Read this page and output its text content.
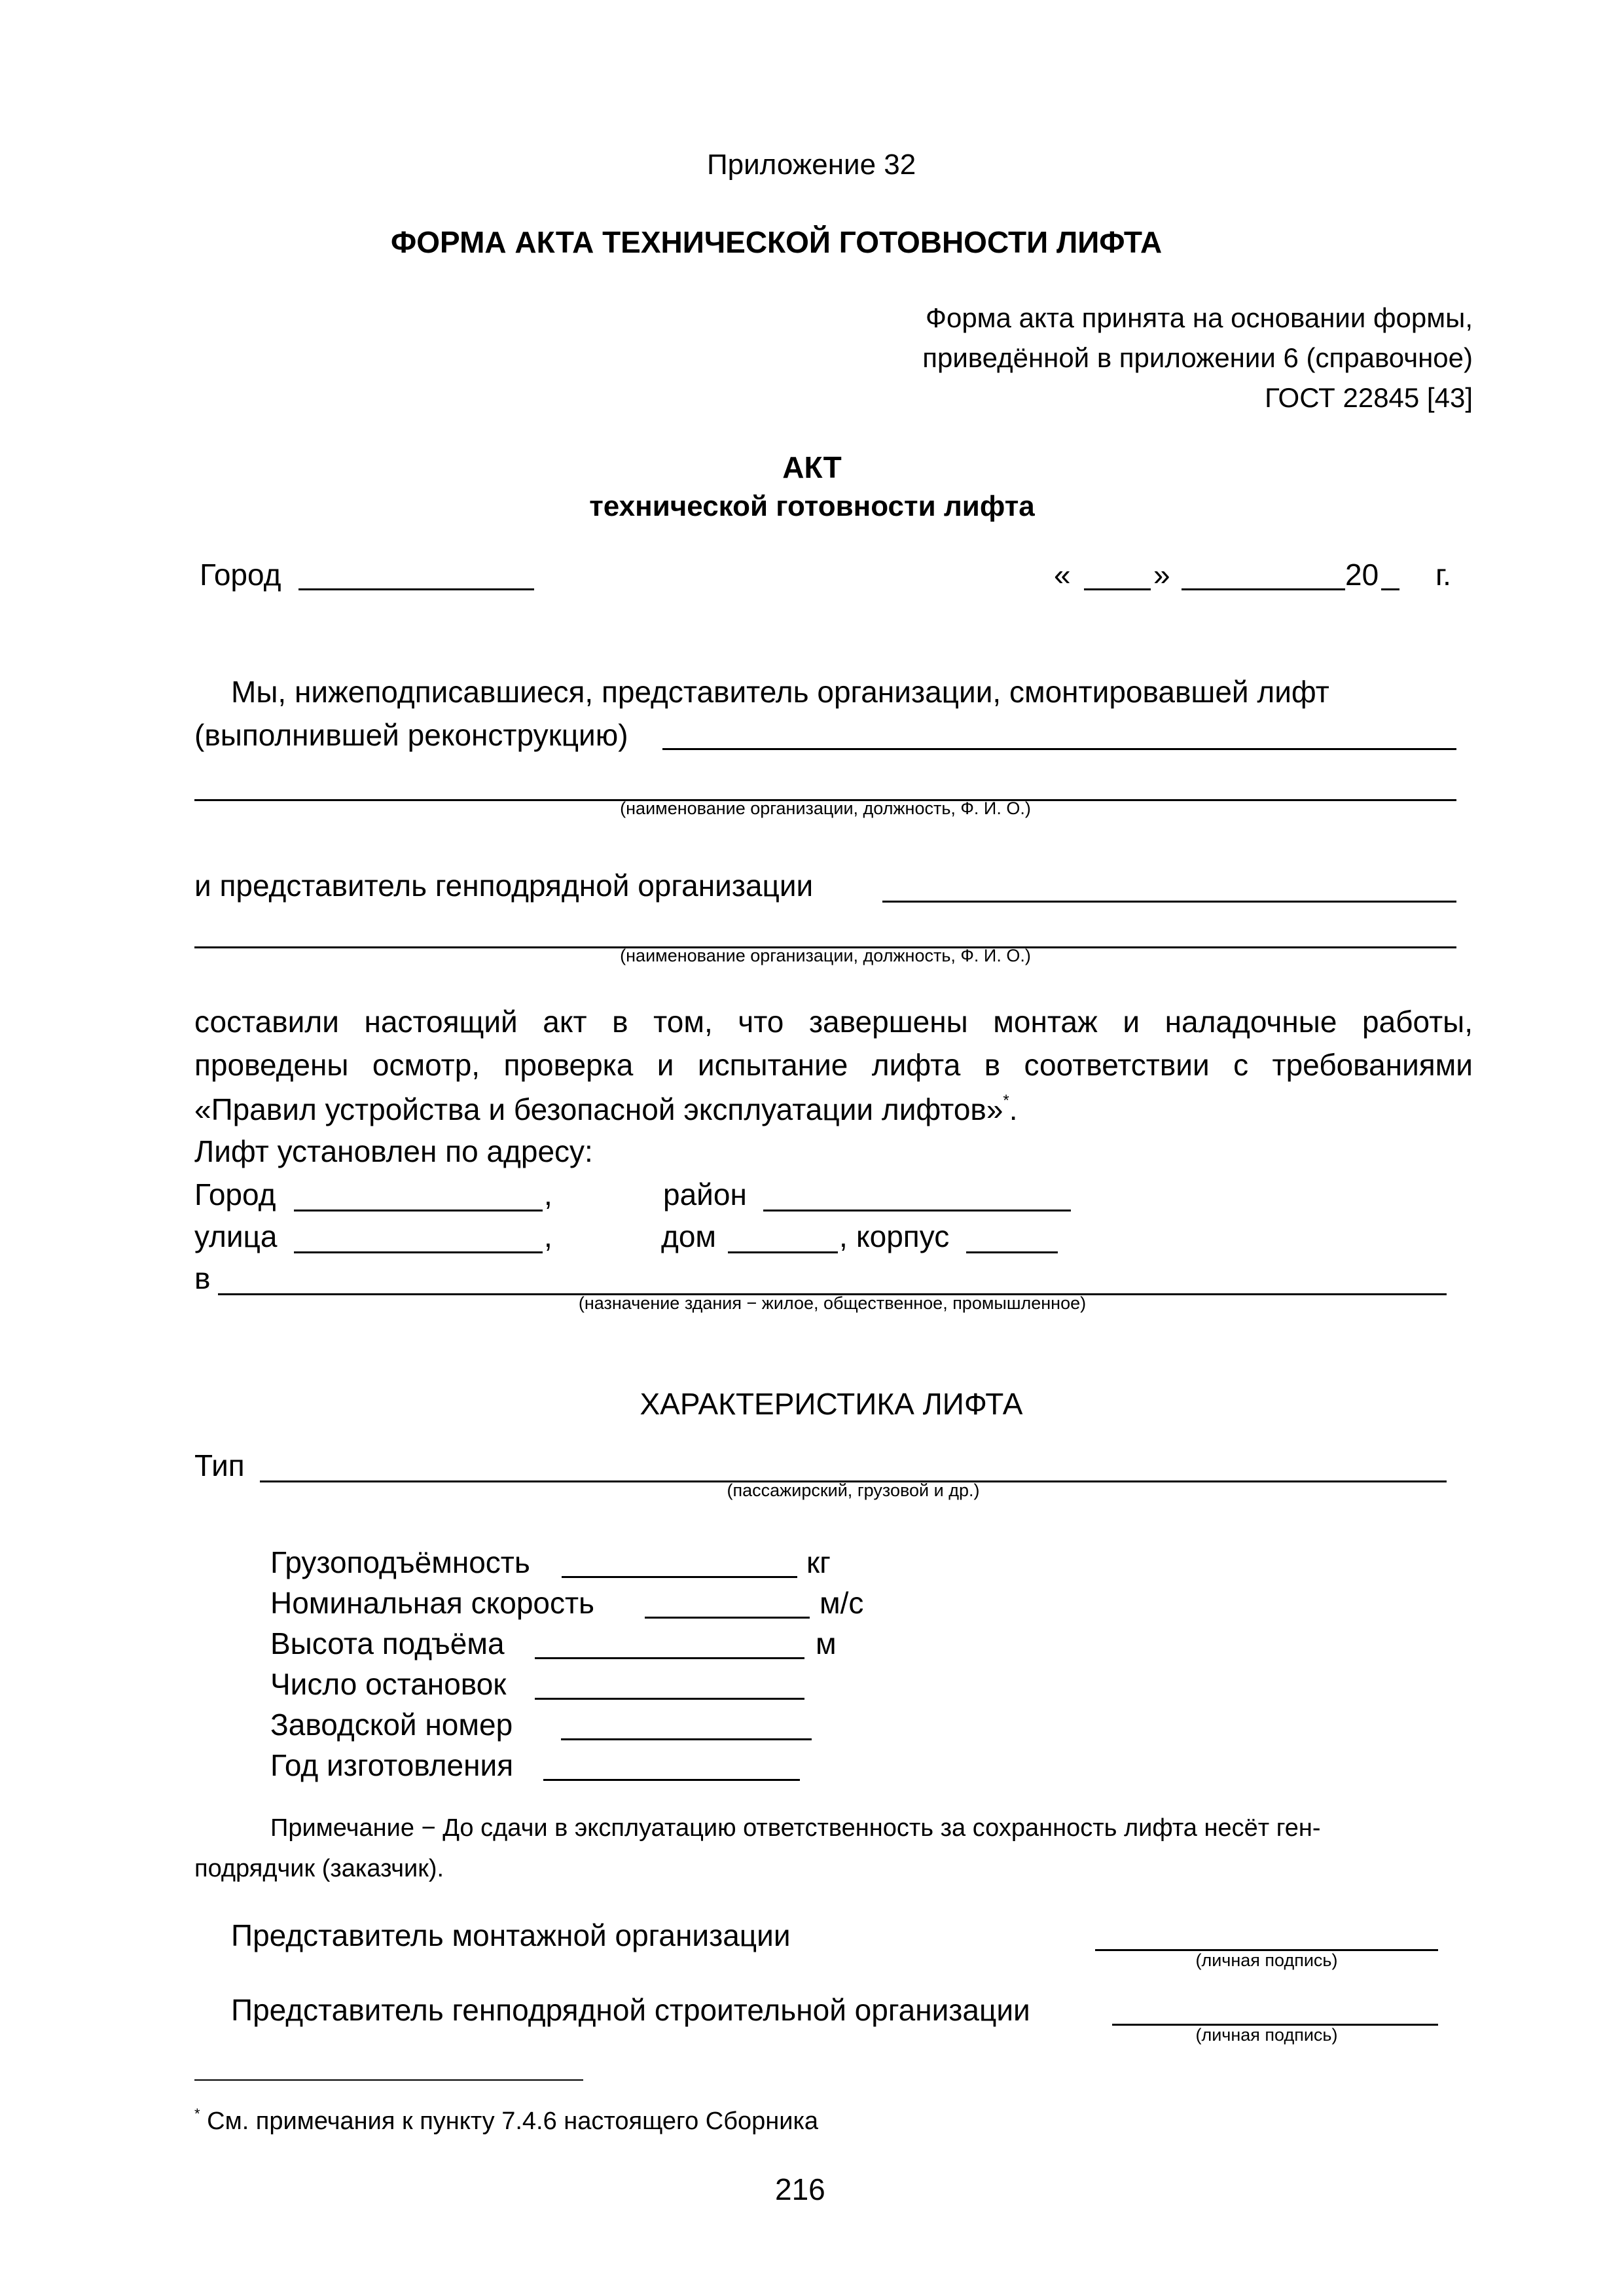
Приложение 32
ФОРМА АКТА ТЕХНИЧЕСКОЙ ГОТОВНОСТИ ЛИФТА
Форма акта принята на основании формы,
приведённой в приложении 6 (справочное)
ГОСТ 22845 [43]
АКТ
технической готовности лифта
Город	«	»	20 г.
Мы, нижеподписавшиеся, представитель организации, смонтировавшей лифт
(выполнившей реконструкцию)
(наименование организации, должность, Ф. И. О.)
и представитель генподрядной организации
(наименование организации, должность, Ф. И. О.)
составили настоящий акт в том, что завершены монтаж и наладочные работы,
проведены осмотр, проверка и испытание лифта в соответствии с требованиями
«Правил устройства и безопасной эксплуатации лифтов»*.
Лифт установлен по адресу:
Город	,	район
улица	,	дом	, корпус
в
(назначение здания − жилое, общественное, промышленное)
ХАРАКТЕРИСТИКА ЛИФТА
Тип
(пассажирский, грузовой и др.)
Грузоподъёмность	кг
Номинальная скорость	м/с
Высота подъёма	м
Число остановок
Заводской номер
Год изготовления
Примечание − До сдачи в эксплуатацию ответственность за сохранность лифта несёт ген-
подрядчик (заказчик).
Представитель монтажной организации
(личная подпись)
Представитель генподрядной строительной организации
(личная подпись)
* См. примечания к пункту 7.4.6 настоящего Сборника
216
